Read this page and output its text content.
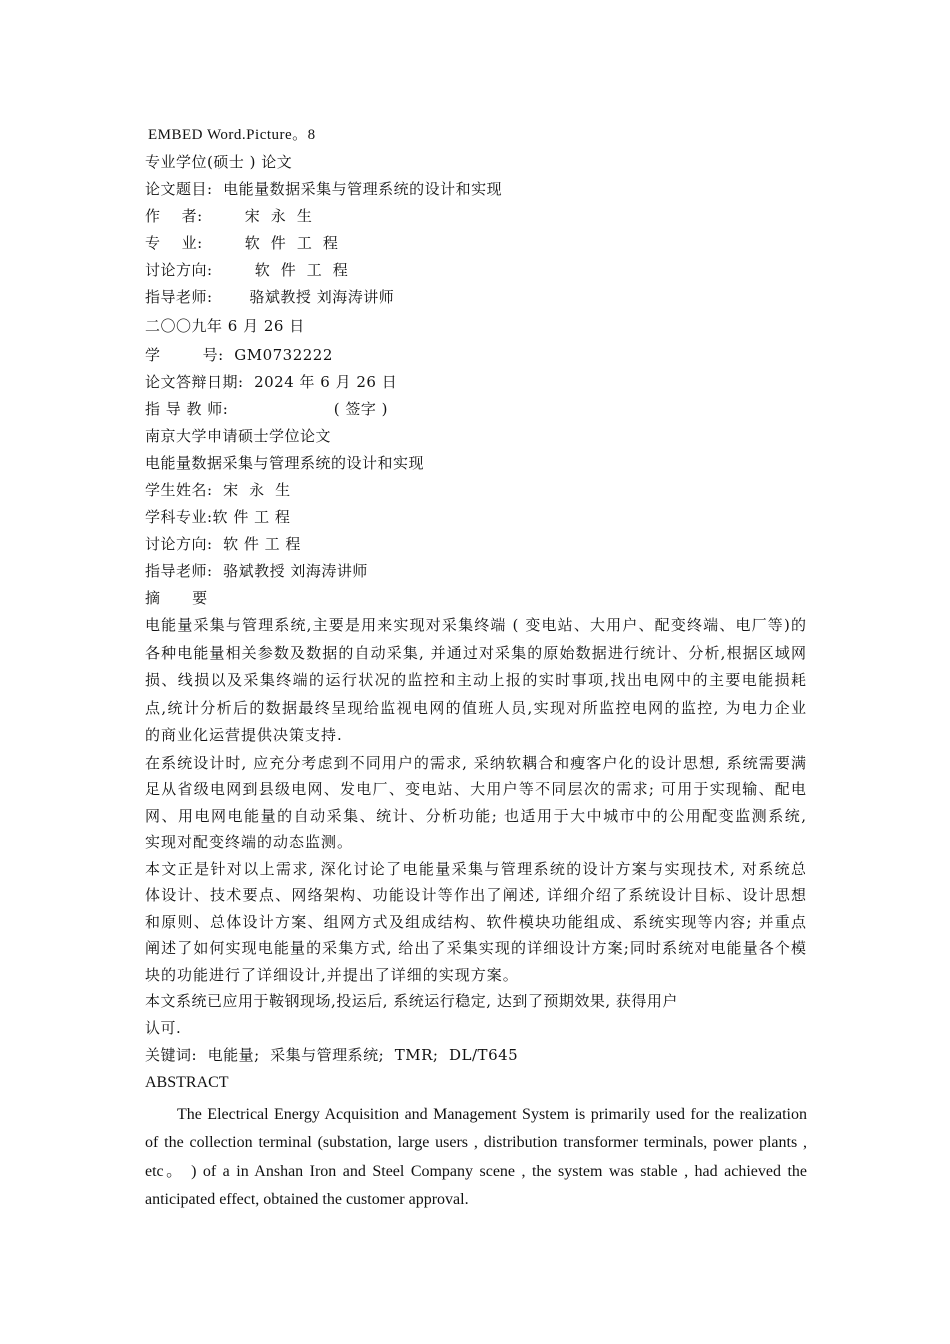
EMBED Word.Picture。8
专业学位(硕士 ) 论文
论文题目:  电能量数据采集与管理系统的设计和实现
作    者:        宋  永  生
专    业:        软  件  工  程
讨论方向:        软  件  工  程
指导老师:       骆斌教授 刘海涛讲师
二〇〇九年 6 月 26 日
学        号:  GM0732222
论文答辩日期:  2024 年 6 月 26 日
指 导 教 师:                    ( 签字 )
南京大学申请硕士学位论文
电能量数据采集与管理系统的设计和实现
学生姓名:  宋  永  生
学科专业:软 件 工 程
讨论方向:  软 件 工 程
指导老师:  骆斌教授 刘海涛讲师
摘      要
电能量采集与管理系统,主要是用来实现对采集终端 ( 变电站、大用户、配变终端、电厂等)的各种电能量相关参数及数据的自动采集, 并通过对采集的原始数据进行统计、分析,根据区域网损、线损以及采集终端的运行状况的监控和主动上报的实时事项,找出电网中的主要电能损耗点,统计分析后的数据最终呈现给监视电网的值班人员,实现对所监控电网的监控, 为电力企业的商业化运营提供决策支持.
在系统设计时, 应充分考虑到不同用户的需求, 采纳软耦合和瘦客户化的设计思想, 系统需要满足从省级电网到县级电网、发电厂、变电站、大用户等不同层次的需求; 可用于实现输、配电网、用电网电能量的自动采集、统计、分析功能; 也适用于大中城市中的公用配变监测系统, 实现对配变终端的动态监测。
本文正是针对以上需求, 深化讨论了电能量采集与管理系统的设计方案与实现技术, 对系统总体设计、技术要点、网络架构、功能设计等作出了阐述, 详细介绍了系统设计目标、设计思想和原则、总体设计方案、组网方式及组成结构、软件模块功能组成、系统实现等内容; 并重点阐述了如何实现电能量的采集方式, 给出了采集实现的详细设计方案;同时系统对电能量各个模块的功能进行了详细设计,并提出了详细的实现方案。
本文系统已应用于鞍钢现场,投运后, 系统运行稳定, 达到了预期效果, 获得用户
认可.
关键词:  电能量;  采集与管理系统;  TMR;  DL/T645
ABSTRACT
The Electrical Energy Acquisition and Management System is primarily used for the realization of the collection terminal (substation, large users , distribution transformer terminals, power plants , etc。 ) of a in Anshan Iron and Steel Company scene , the system was stable , had achieved the anticipated effect, obtained the customer approval.
